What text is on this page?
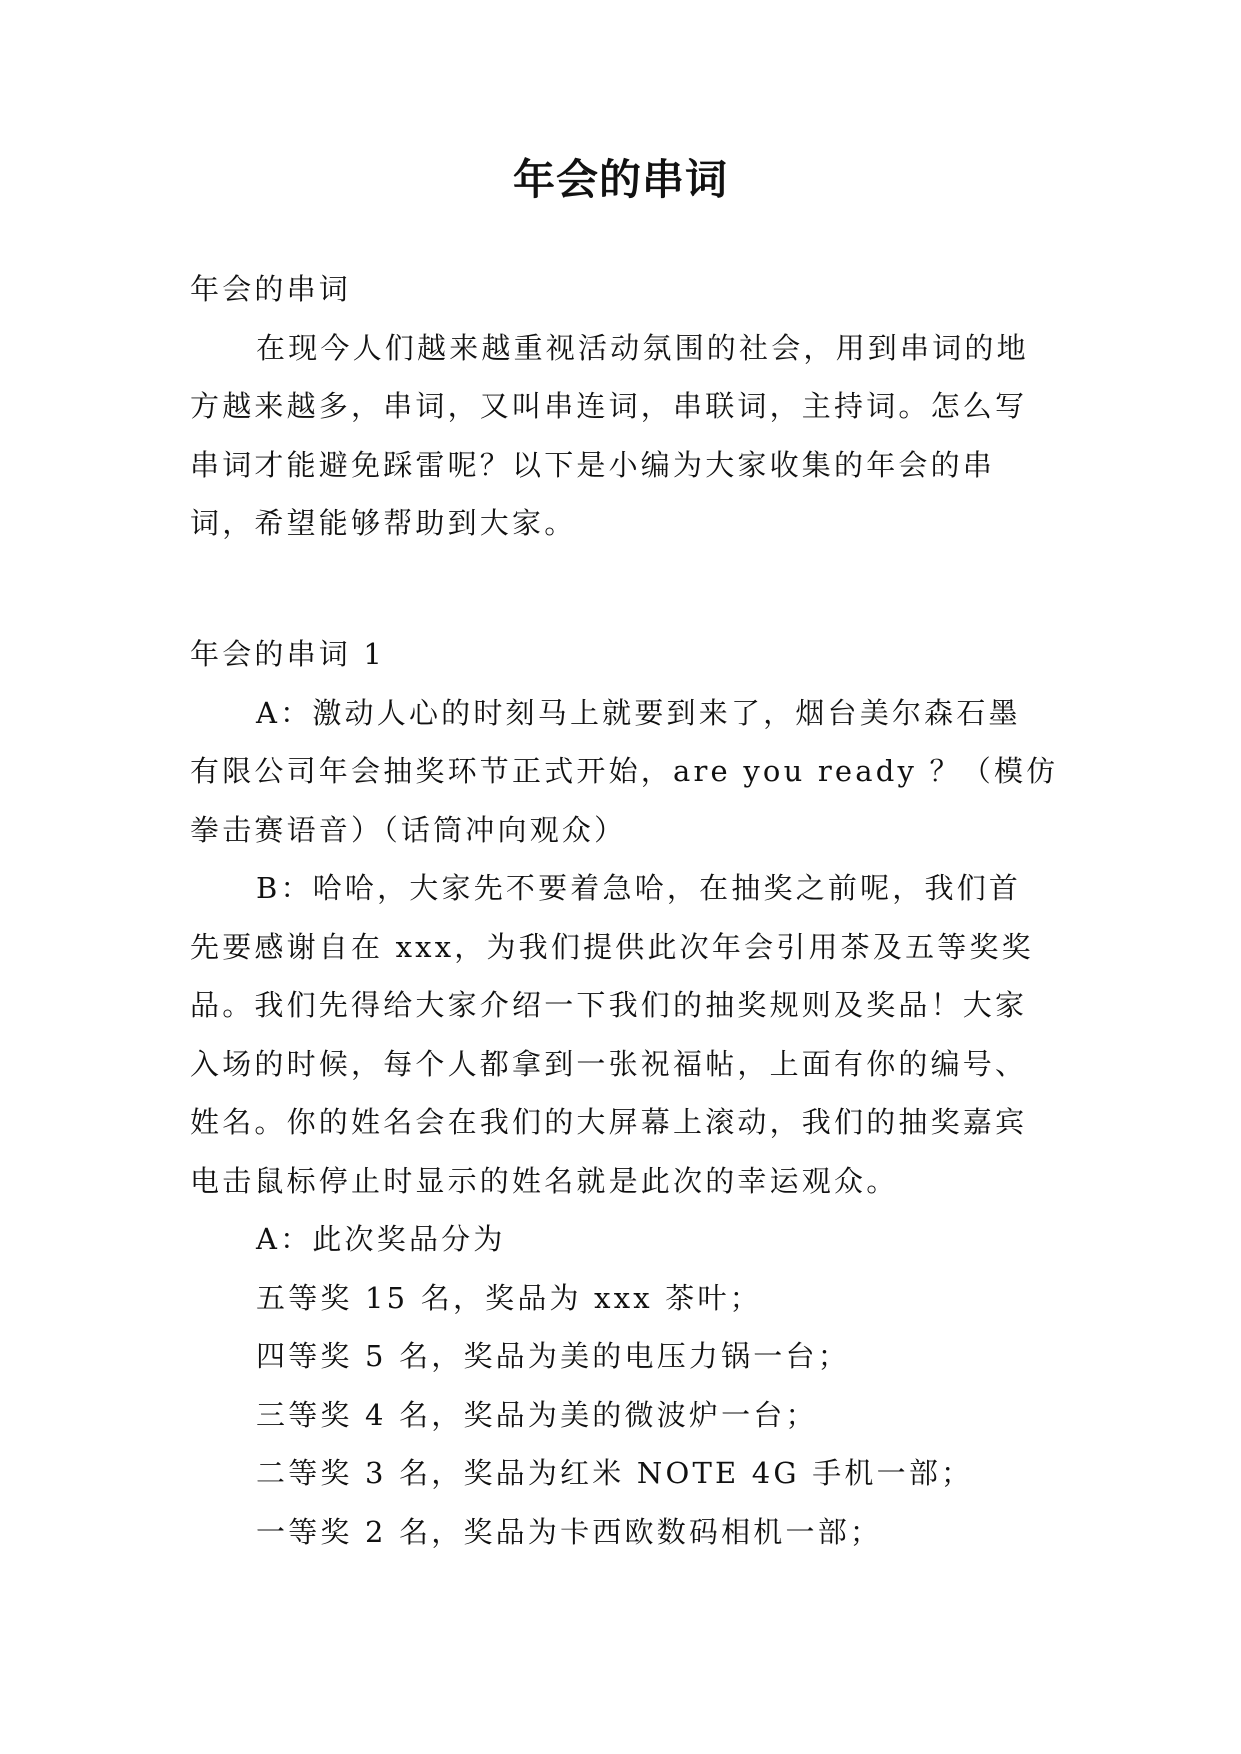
年会的串词
年会的串词
在现今人们越来越重视活动氛围的社会，用到串词的地
方越来越多，串词，又叫串连词，串联词，主持词。怎么写
串词才能避免踩雷呢？以下是小编为大家收集的年会的串
词，希望能够帮助到大家。
年会的串词 1
A：激动人心的时刻马上就要到来了，烟台美尔森石墨
有限公司年会抽奖环节正式开始，are you ready ？（模仿
拳击赛语音）（话筒冲向观众）
B：哈哈，大家先不要着急哈，在抽奖之前呢，我们首
先要感谢自在 xxx，为我们提供此次年会引用茶及五等奖奖
品。我们先得给大家介绍一下我们的抽奖规则及奖品！大家
入场的时候，每个人都拿到一张祝福帖，上面有你的编号、
姓名。你的姓名会在我们的大屏幕上滚动，我们的抽奖嘉宾
电击鼠标停止时显示的姓名就是此次的幸运观众。
A：此次奖品分为
五等奖 15 名，奖品为 xxx 茶叶；
四等奖 5 名，奖品为美的电压力锅一台；
三等奖 4 名，奖品为美的微波炉一台；
二等奖 3 名，奖品为红米 NOTE 4G 手机一部；
一等奖 2 名，奖品为卡西欧数码相机一部；
